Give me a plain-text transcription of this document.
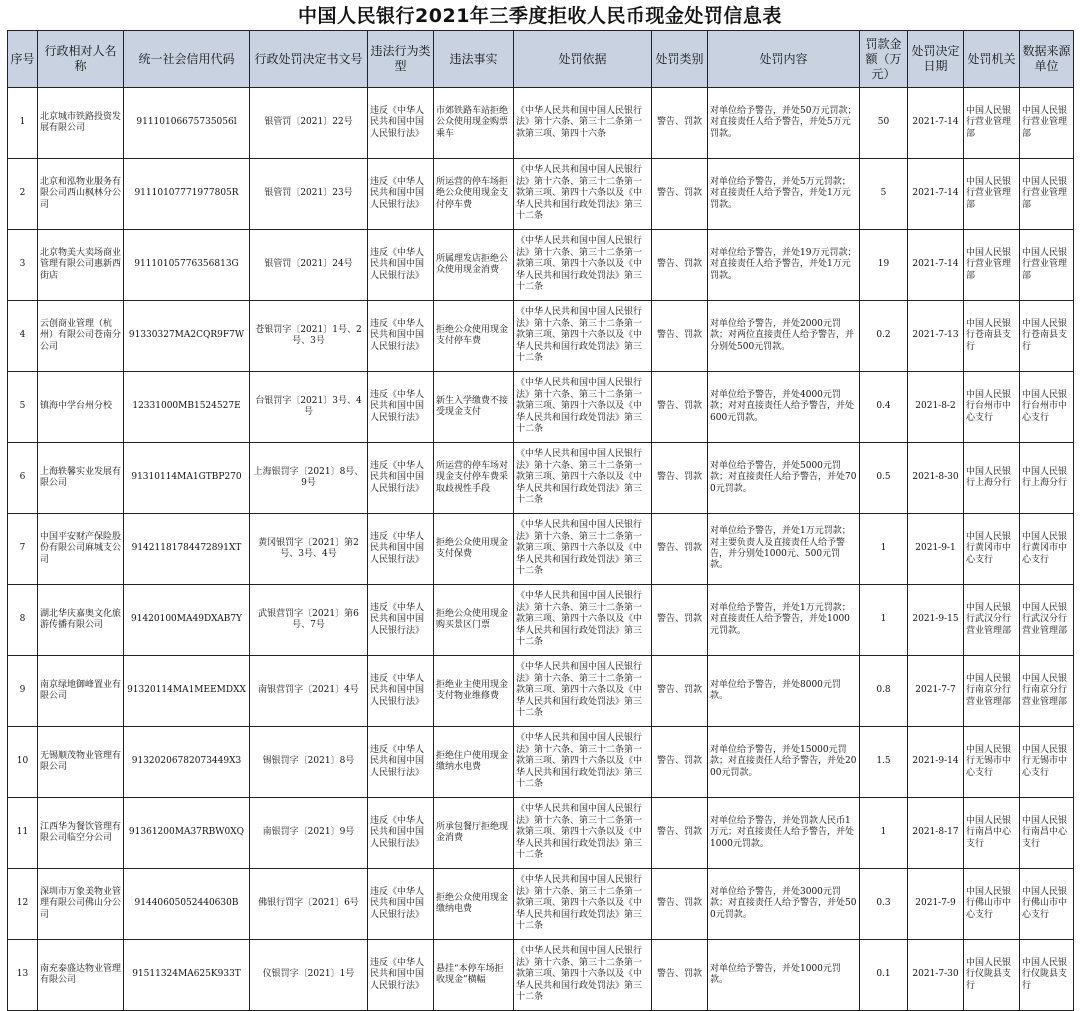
中国人民银行2021年三季度拒收人民币现金处罚信息表
序号	行政相对人名称	统一社会信用代码	行政处罚决定书文号	违法行为类型	违法事实	处罚依据	处罚类别	处罚内容	罚款金额（万元）	处罚决定日期	处罚机关	数据来源单位
1	北京城市铁路投资发展有限公司	91110106675735056l	银管罚〔2021〕22号	违反《中华人民共和国中国人民银行法》	市郊铁路车站拒绝公众使用现金购票乘车	《中华人民共和国中国人民银行法》第十六条、第三十二条第一款第三项、第四十六条	警告、罚款	对单位给予警告，并处50万元罚款；对直接责任人给予警告，并处5万元罚款。	50	2021-7-14	中国人民银行营业管理部	中国人民银行营业管理部
2	北京和泓物业服务有限公司西山枫林分公司	91110107771977805R	银管罚〔2021〕23号	违反《中华人民共和国中国人民银行法》	所运营的停车场拒绝公众使用现金支付停车费	《中华人民共和国中国人民银行法》第十六条、第三十二条第一款第三项、第四十六条以及《中华人民共和国行政处罚法》第三十二条	警告、罚款	对单位给予警告，并处5万元罚款；对直接责任人给予警告，并处1万元罚款。	5	2021-7-14	中国人民银行营业管理部	中国人民银行营业管理部
3	北京物美大卖场商业管理有限公司惠新西街店	91110105776356813G	银管罚〔2021〕24号	违反《中华人民共和国中国人民银行法》	所属理发店拒绝公众使用现金消费	《中华人民共和国中国人民银行法》第十六条、第三十二条第一款第三项、第四十六条以及《中华人民共和国行政处罚法》第三十二条	警告、罚款	对单位给予警告，并处19万元罚款；对直接责任人给予警告，并处1万元罚款。	19	2021-7-14	中国人民银行营业管理部	中国人民银行营业管理部
4	云创商业管理（杭州）有限公司苍南分公司	91330327MA2CQR9F7W	苍银罚字〔2021〕1号、2号、3号	违反《中华人民共和国中国人民银行法》	拒绝公众使用现金支付停车费	《中华人民共和国中国人民银行法》第十六条、第三十二条第一款第三项、第四十六条以及《中华人民共和国行政处罚法》第三十二条	警告、罚款	对单位给予警告，并处2000元罚款；对两位直接责任人给予警告，并分别处500元罚款。	0.2	2021-7-13	中国人民银行苍南县支行	中国人民银行苍南县支行
5	镇海中学台州分校	12331000MB1524527E	台银罚字〔2021〕3号、4号	违反《中华人民共和国中国人民银行法》	新生入学缴费不接受现金支付	《中华人民共和国中国人民银行法》第十六条、第三十二条第一款第三项、第四十六条以及《中华人民共和国行政处罚法》第三十二条	警告、罚款	对单位给予警告，并处4000元罚款；对对直接责任人给予警告，并处600元罚款。	0.4	2021-8-2	中国人民银行台州市中心支行	中国人民银行台州市中心支行
6	上海轶馨实业发展有限公司	91310114MA1GTBP270	上海银罚字〔2021〕8号、9号	违反《中华人民共和国中国人民银行法》	所运营的停车场对现金支付停车费采取歧视性手段	《中华人民共和国中国人民银行法》第十六条、第三十二条第一款第三项、第四十六条以及《中华人民共和国行政处罚法》第三十二条	警告、罚款	对单位给予警告，并处5000元罚款；对直接责任人给予警告，并处700元罚款。	0.5	2021-8-30	中国人民银行上海分行	中国人民银行上海分行
7	中国平安财产保险股份有限公司麻城支公司	91421181784472891XT	黄冈银罚字〔2021〕第2号、3号、4号	违反《中华人民共和国中国人民银行法》	拒绝公众使用现金支付保费	《中华人民共和国中国人民银行法》第十六条、第三十二条第一款第三项、第四十六条以及《中华人民共和国行政处罚法》第三十二条	警告、罚款	对单位给予警告，并处1万元罚款；对主要负责人及直接责任人给予警告，并分别处1000元、500元罚款。	1	2021-9-1	中国人民银行黄冈市中心支行	中国人民银行黄冈市中心支行
8	湖北华庆嘉奥文化旅游传播有限公司	91420100MA49DXAB7Y	武银营罚字〔2021〕第6号、7号	违反《中华人民共和国中国人民银行法》	拒绝公众使用现金购买景区门票	《中华人民共和国中国人民银行法》第十六条、第三十二条第一款第三项、第四十六条以及《中华人民共和国行政处罚法》第三十二条	警告、罚款	对单位给予警告，并处1万元罚款；对直接责任人给予警告，并处1000元罚款。	1	2021-9-15	中国人民银行武汉分行营业管理部	中国人民银行武汉分行营业管理部
9	南京绿地御峰置业有限公司	91320114MA1MEEMDXX	南银营罚字〔2021〕4号	违反《中华人民共和国中国人民银行法》	拒绝业主使用现金支付物业维修费	《中华人民共和国中国人民银行法》第十六条、第三十二条第一款第三项、第四十六条以及《中华人民共和国行政处罚法》第三十二条	警告、罚款	对单位给予警告，并处8000元罚款。	0.8	2021-7-7	中国人民银行南京分行营业管理部	中国人民银行南京分行营业管理部
10	无锡顺茂物业管理有限公司	91320206782073449X3	锡银罚字〔2021〕8号	违反《中华人民共和国中国人民银行法》	拒绝住户使用现金缴纳水电费	《中华人民共和国中国人民银行法》第十六条、第三十二条第一款第三项、第四十六条以及《中华人民共和国行政处罚法》第三十二条	警告、罚款	对单位给予警告，并处15000元罚款；对直接责任人给予警告，并处2000元罚款。	1.5	2021-9-14	中国人民银行无锡市中心支行	中国人民银行无锡市中心支行
11	江西华为餐饮管理有限公司临空分公司	91361200MA37RBW0XQ	南银罚字〔2021〕9号	违反《中华人民共和国中国人民银行法》	所承包餐厅拒绝现金消费	《中华人民共和国中国人民银行法》第十六条、第三十二条第一款第三项、第四十六条以及《中华人民共和国行政处罚法》第三十二条	警告、罚款	对单位给予警告，并处罚款人民币1万元；对直接责任人给予警告，并处1000元罚款。	1	2021-8-17	中国人民银行南昌中心支行	中国人民银行南昌中心支行
12	深圳市万象美物业管理有限公司佛山分公司	91440605052440630B	佛银行罚字〔2021〕6号	违反《中华人民共和国中国人民银行法》	拒绝公众使用现金缴纳电费	《中华人民共和国中国人民银行法》第十六条、第三十二条第一款第三项、第四十六条以及《中华人民共和国行政处罚法》第三十二条	警告、罚款	对单位给予警告，并处3000元罚款；对直接责任人给予警告，并处500元罚款。	0.3	2021-7-9	中国人民银行佛山市中心支行	中国人民银行佛山市中心支行
13	南充泰盛达物业管理有限公司	91511324MA625K933T	仪银罚字〔2021〕1号	违反《中华人民共和国中国人民银行法》	悬挂“本停车场拒收现金”横幅	《中华人民共和国中国人民银行法》第十六条、第三十二条第一款第三项、第四十六条以及《中华人民共和国行政处罚法》第三十二条	警告、罚款	对单位给予警告，并处1000元罚款。	0.1	2021-7-30	中国人民银行仪陇县支行	中国人民银行仪陇县支行
